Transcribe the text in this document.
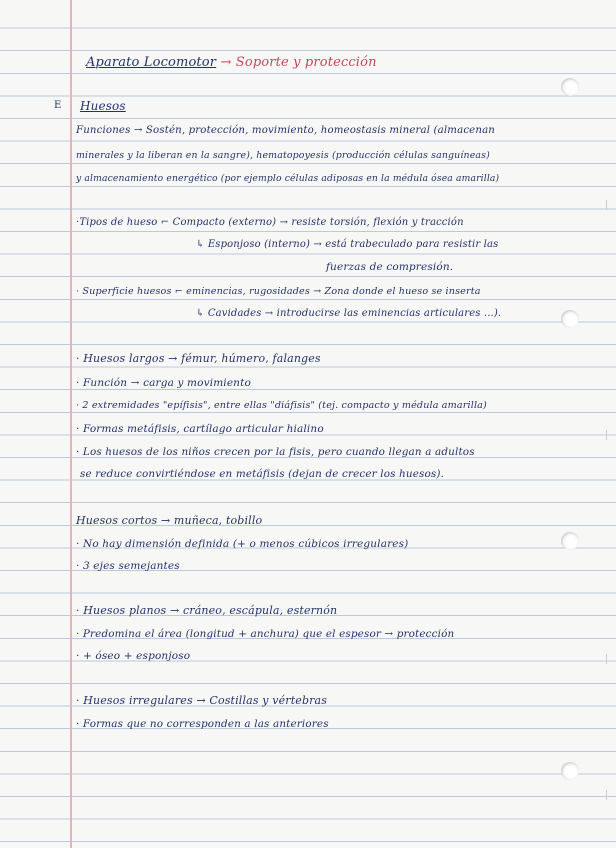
Aparato Locomotor → Soporte y protección
E Huesos
Funciones → Sostén, protección, movimiento, homeostasis mineral (almacenan
minerales y la liberan en la sangre), hematopoyesis (producción células sanguíneas)
y almacenamiento energético (por ejemplo células adiposas en la médula ósea amarilla)
·Tipos de hueso ⌐ Compacto (externo) → resiste torsión, flexión y tracción
↳ Esponjoso (interno) → está trabeculado para resistir las
fuerzas de compresión.
· Superficie huesos ⌐ eminencias, rugosidades → Zona donde el hueso se inserta
↳ Cavidades → introducirse las eminencias articulares ...).
· Huesos largos → fémur, húmero, falanges
· Función → carga y movimiento
· 2 extremidades "epífisis", entre ellas "diáfisis" (tej. compacto y médula amarilla)
· Formas metáfisis, cartílago articular hialino
· Los huesos de los niños crecen por la fisis, pero cuando llegan a adultos
se reduce convirtiéndose en metáfisis (dejan de crecer los huesos).
Huesos cortos → muñeca, tobillo
· No hay dimensión definida (+ o menos cúbicos irregulares)
· 3 ejes semejantes
· Huesos planos → cráneo, escápula, esternón
· Predomina el área (longitud + anchura) que el espesor → protección
· + óseo + esponjoso
· Huesos irregulares → Costillas y vértebras
· Formas que no corresponden a las anteriores
